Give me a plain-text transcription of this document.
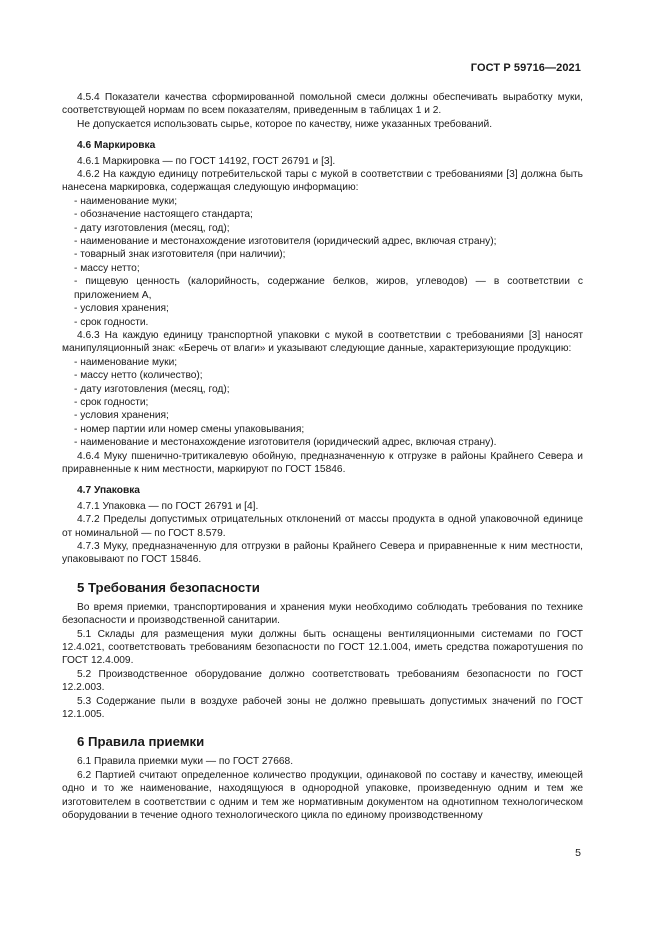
ГОСТ Р 59716—2021

4.5.4 Показатели качества сформированной помольной смеси должны обеспечивать выработку муки, соответствующей нормам по всем показателям, приведенным в таблицах 1 и 2.

Не допускается использовать сырье, которое по качеству, ниже указанных требований.

4.6 Маркировка

4.6.1 Маркировка — по ГОСТ 14192, ГОСТ 26791 и [3].

4.6.2 На каждую единицу потребительской тары с мукой в соответствии с требованиями [3] должна быть нанесена маркировка, содержащая следующую информацию:

- наименование муки;

- обозначение настоящего стандарта;

- дату изготовления (месяц, год);

- наименование и местонахождение изготовителя (юридический адрес, включая страну);

- товарный знак изготовителя (при наличии);

- массу нетто;

- пищевую ценность (калорийность, содержание белков, жиров, углеводов) — в соответствии с приложением А,

- условия хранения;

- срок годности.

4.6.3 На каждую единицу транспортной упаковки с мукой в соответствии с требованиями [3] наносят манипуляционный знак: «Беречь от влаги» и указывают следующие данные, характеризующие продукцию:

- наименование муки;

- массу нетто (количество);

- дату изготовления (месяц, год);

- срок годности;

- условия хранения;

- номер партии или номер смены упаковывания;

- наименование и местонахождение изготовителя (юридический адрес, включая страну).

4.6.4 Муку пшенично-тритикалевую обойную, предназначенную к отгрузке в районы Крайнего Севера и приравненные к ним местности, маркируют по ГОСТ 15846.

4.7 Упаковка

4.7.1 Упаковка — по ГОСТ 26791 и [4].

4.7.2 Пределы допустимых отрицательных отклонений от массы продукта в одной упаковочной единице от номинальной — по ГОСТ 8.579.

4.7.3 Муку, предназначенную для отгрузки в районы Крайнего Севера и приравненные к ним местности, упаковывают по ГОСТ 15846.

5 Требования безопасности

Во время приемки, транспортирования и хранения муки необходимо соблюдать требования по технике безопасности и производственной санитарии.

5.1 Склады для размещения муки должны быть оснащены вентиляционными системами по ГОСТ 12.4.021, соответствовать требованиям безопасности по ГОСТ 12.1.004, иметь средства пожаротушения по ГОСТ 12.4.009.

5.2 Производственное оборудование должно соответствовать требованиям безопасности по ГОСТ 12.2.003.

5.3 Содержание пыли в воздухе рабочей зоны не должно превышать допустимых значений по ГОСТ 12.1.005.

6 Правила приемки

6.1 Правила приемки муки — по ГОСТ 27668.

6.2 Партией считают определенное количество продукции, одинаковой по составу и качеству, имеющей одно и то же наименование, находящуюся в однородной упаковке, произведенную одним и тем же изготовителем в соответствии с одним и тем же нормативным документом на однотипном технологическом оборудовании в течение одного технологического цикла по единому производственному

5
